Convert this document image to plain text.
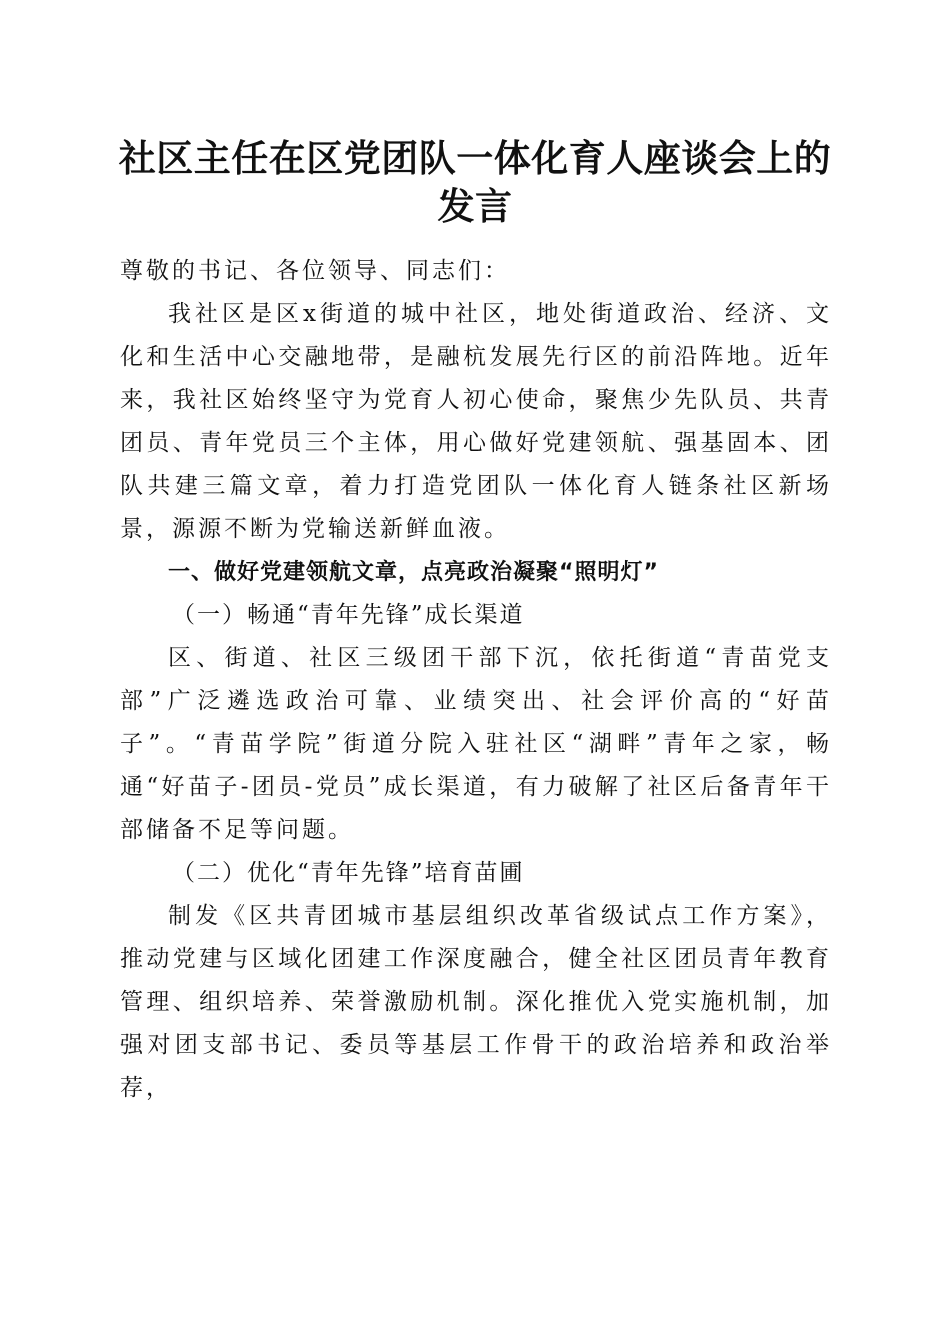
社区主任在区党团队一体化育人座谈会上的发言

尊敬的书记、各位领导、同志们：

我社区是区x街道的城中社区，地处街道政治、经济、文化和生活中心交融地带，是融杭发展先行区的前沿阵地。近年来，我社区始终坚守为党育人初心使命，聚焦少先队员、共青团员、青年党员三个主体，用心做好党建领航、强基固本、团队共建三篇文章，着力打造党团队一体化育人链条社区新场景，源源不断为党输送新鲜血液。

一、做好党建领航文章，点亮政治凝聚“照明灯”

（一）畅通“青年先锋”成长渠道

区、街道、社区三级团干部下沉，依托街道“青苗党支部”广泛遴选政治可靠、业绩突出、社会评价高的“好苗子”。“青苗学院”街道分院入驻社区“湖畔”青年之家，畅通“好苗子-团员-党员”成长渠道，有力破解了社区后备青年干部储备不足等问题。

（二）优化“青年先锋”培育苗圃

制发《区共青团城市基层组织改革省级试点工作方案》，推动党建与区域化团建工作深度融合，健全社区团员青年教育管理、组织培养、荣誉激励机制。深化推优入党实施机制，加强对团支部书记、委员等基层工作骨干的政治培养和政治举荐，
